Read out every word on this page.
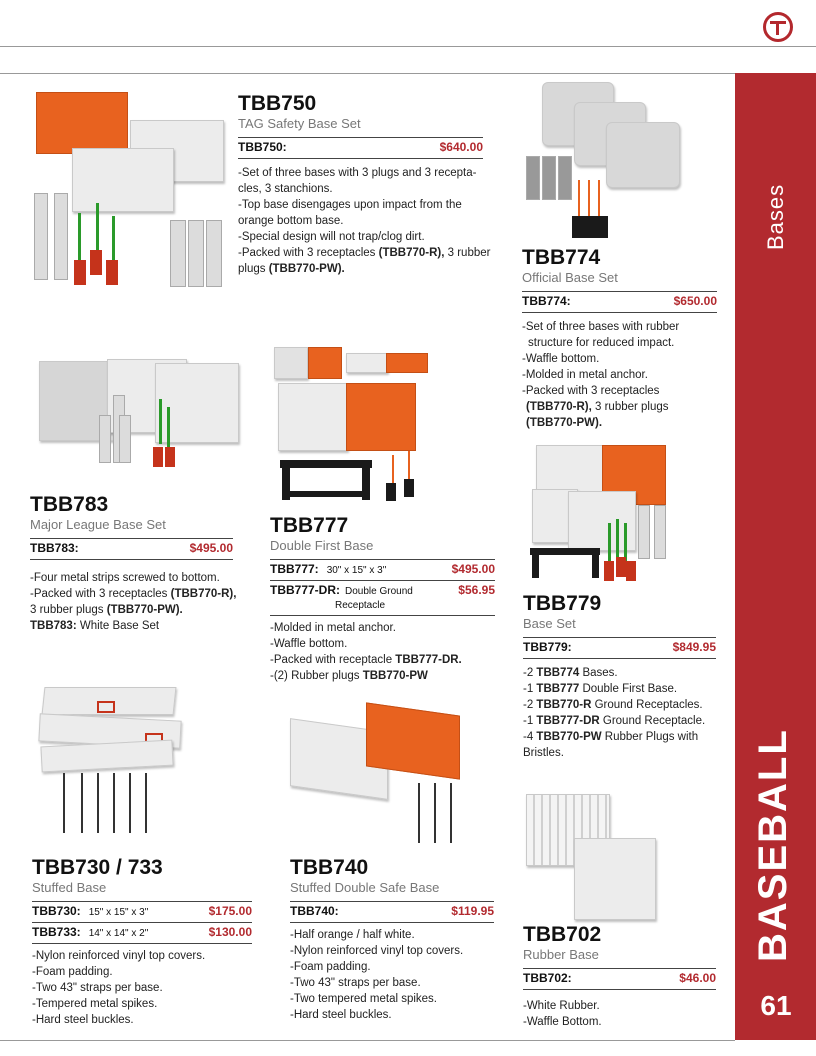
Bases
BASEBALL
61
TBB750
TAG Safety Base Set
TBB750:	$640.00
-Set of three bases with 3 plugs and 3 recepta-
cles, 3 stanchions.
-Top base disengages upon impact from the
orange bottom base.
-Special design will not trap/clog dirt.
-Packed with 3 receptacles (TBB770-R), 3 rubber
plugs (TBB770-PW).	TBB774
Official Base Set
TBB774:	$650.00
-Set of three bases with rubber
structure for reduced impact.
-Waffle bottom.
-Molded in metal anchor.
-Packed with 3 receptacles
(TBB770-R), 3 rubber plugs
(TBB770-PW).
TBB783
Major League Base Set
TBB783:	$495.00
-Four metal strips screwed to bottom.
-Packed with 3 receptacles (TBB770-R),
3 rubber plugs (TBB770-PW).
TBB783: White Base Set
TBB777
Double First Base
TBB777: 30" x 15" x 3"	$495.00
TBB777-DR: Double Ground
Receptacle
$56.95
-Molded in metal anchor.
-Waffle bottom.
-Packed with receptacle TBB777-DR.
-(2) Rubber plugs TBB770-PW
TBB779
Base Set
TBB779:	$849.95
-2 TBB774 Bases.
-1 TBB777 Double First Base.
-2 TBB770-R Ground Receptacles.
-1 TBB777-DR Ground Receptacle.
-4 TBB770-PW Rubber Plugs with
Bristles.
TBB730 / 733
Stuffed Base
TBB730: 15" x 15" x 3"	$175.00
TBB733: 14" x 14" x 2"	$130.00
-Nylon reinforced vinyl top covers.
-Foam padding.
-Two 43" straps per base.
-Tempered metal spikes.
-Hard steel buckles.
TBB740
Stuffed Double Safe Base
TBB740:	$119.95
-Half orange / half white.
-Nylon reinforced vinyl top covers.
-Foam padding.
-Two 43" straps per base.
-Two tempered metal spikes.
-Hard steel buckles.
TBB702
Rubber Base
TBB702:	$46.00
-White Rubber.
-Waffle Bottom.
